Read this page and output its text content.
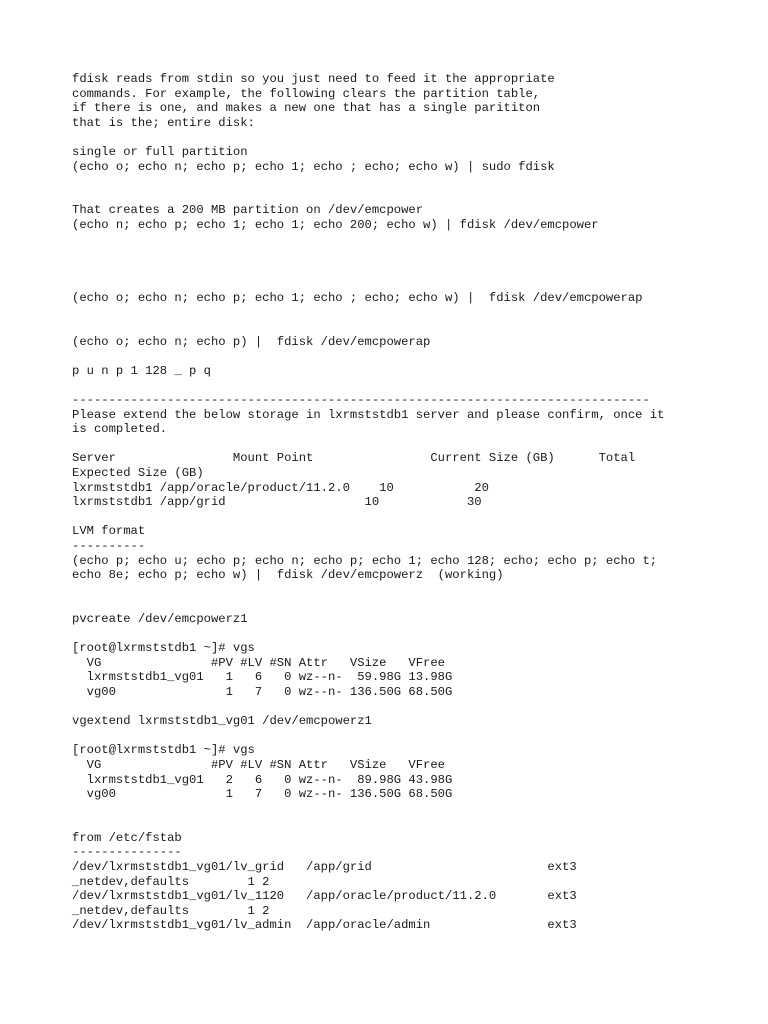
fdisk reads from stdin so you just need to feed it the appropriate
commands. For example, the following clears the partition table,
if there is one, and makes a new one that has a single parititon
that is the; entire disk:
single or full partition
(echo o; echo n; echo p; echo 1; echo ; echo; echo w) | sudo fdisk
That creates a 200 MB partition on /dev/emcpower
(echo n; echo p; echo 1; echo 1; echo 200; echo w) | fdisk /dev/emcpower
(echo o; echo n; echo p; echo 1; echo ; echo; echo w) |  fdisk /dev/emcpowerap
(echo o; echo n; echo p) |  fdisk /dev/emcpowerap
p u n p 1 128 _ p q
-------------------------------------------------------------------------------
Please extend the below storage in lxrmststdb1 server and please confirm, once it
is completed.
Server                Mount Point                Current Size (GB)      Total
Expected Size (GB)
lxrmststdb1 /app/oracle/product/11.2.0    10           20
lxrmststdb1 /app/grid                   10            30
LVM format
----------
(echo p; echo u; echo p; echo n; echo p; echo 1; echo 128; echo; echo p; echo t;
echo 8e; echo p; echo w) |  fdisk /dev/emcpowerz  (working)
pvcreate /dev/emcpowerz1
[root@lxrmststdb1 ~]# vgs
VG               #PV #LV #SN Attr   VSize   VFree
lxrmststdb1_vg01   1   6   0 wz--n-  59.98G 13.98G
vg00               1   7   0 wz--n- 136.50G 68.50G
vgextend lxrmststdb1_vg01 /dev/emcpowerz1
[root@lxrmststdb1 ~]# vgs
VG               #PV #LV #SN Attr   VSize   VFree
lxrmststdb1_vg01   2   6   0 wz--n-  89.98G 43.98G
vg00               1   7   0 wz--n- 136.50G 68.50G
from /etc/fstab
---------------
/dev/lxrmststdb1_vg01/lv_grid   /app/grid                        ext3
_netdev,defaults        1 2
/dev/lxrmststdb1_vg01/lv_1120   /app/oracle/product/11.2.0       ext3
_netdev,defaults        1 2
/dev/lxrmststdb1_vg01/lv_admin  /app/oracle/admin                ext3
